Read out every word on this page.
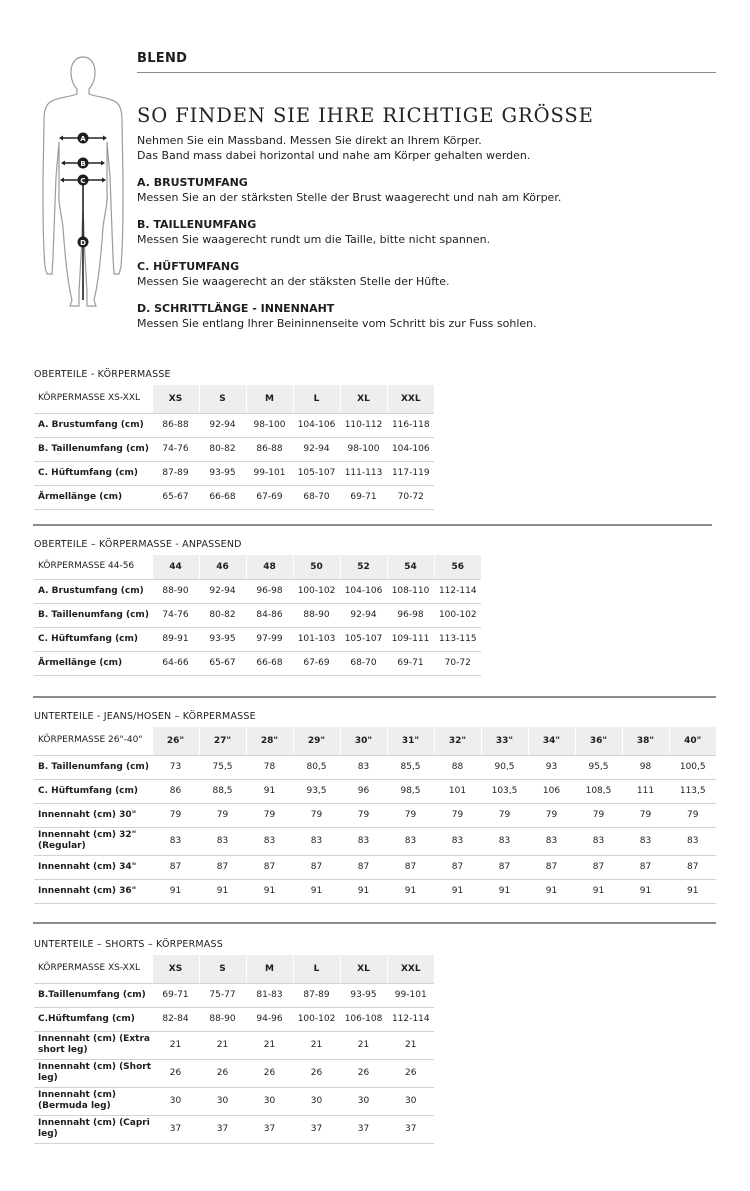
BLEND
A
B
C
D
SO FINDEN SIE IHRE RICHTIGE GRÖSSE
Nehmen Sie ein Massband. Messen Sie direkt an Ihrem Körper.
Das Band mass dabei horizontal und nahe am Körper gehalten werden.
A. BRUSTUMFANG
Messen Sie an der stärksten Stelle der Brust waagerecht und nah am Körper.
B. TAILLENUMFANG
Messen Sie waagerecht rundt um die Taille, bitte nicht spannen.
C. HÜFTUMFANG
Messen Sie waagerecht an der stäksten Stelle der Hüfte.
D. SCHRITTLÄNGE - INNENNAHT
Messen Sie entlang Ihrer Beininnenseite vom Schritt bis zur Fuss sohlen.
OBERTEILE - KÖRPERMASSE
KÖRPERMASSE XS-XXL	XS	S	M	L	XL	XXL
A. Brustumfang (cm)	86-88	92-94	98-100	104-106	110-112	116-118
B. Taillenumfang (cm)	74-76	80-82	86-88	92-94	98-100	104-106
C. Hüftumfang (cm)	87-89	93-95	99-101	105-107	111-113	117-119
Ärmellänge (cm)	65-67	66-68	67-69	68-70	69-71	70-72
OBERTEILE – KÖRPERMASSE - ANPASSEND
KÖRPERMASSE 44-56	44	46	48	50	52	54	56
A. Brustumfang (cm)	88-90	92-94	96-98	100-102	104-106	108-110	112-114
B. Taillenumfang (cm)	74-76	80-82	84-86	88-90	92-94	96-98	100-102
C. Hüftumfang (cm)	89-91	93-95	97-99	101-103	105-107	109-111	113-115
Ärmellänge (cm)	64-66	65-67	66-68	67-69	68-70	69-71	70-72
UNTERTEILE - JEANS/HOSEN – KÖRPERMASSE
KÖRPERMASSE 26"-40"	26"	27"	28"	29"	30"	31"	32"	33"	34"	36"	38"	40"
B. Taillenumfang (cm)	73	75,5	78	80,5	83	85,5	88	90,5	93	95,5	98	100,5
C. Hüftumfang (cm)	86	88,5	91	93,5	96	98,5	101	103,5	106	108,5	111	113,5
Innennaht (cm) 30"	79	79	79	79	79	79	79	79	79	79	79	79
Innennaht (cm) 32" (Regular)	83	83	83	83	83	83	83	83	83	83	83	83
Innennaht (cm) 34"	87	87	87	87	87	87	87	87	87	87	87	87
Innennaht (cm) 36"	91	91	91	91	91	91	91	91	91	91	91	91
UNTERTEILE – SHORTS – KÖRPERMASS
KÖRPERMASSE XS-XXL	XS	S	M	L	XL	XXL
B.Taillenumfang (cm)	69-71	75-77	81-83	87-89	93-95	99-101
C.Hüftumfang (cm)	82-84	88-90	94-96	100-102	106-108	112-114
Innennaht (cm) (Extra short leg)	21	21	21	21	21	21
Innennaht (cm) (Short leg)	26	26	26	26	26	26
Innennaht (cm) (Bermuda leg)	30	30	30	30	30	30
Innennaht (cm) (Capri leg)	37	37	37	37	37	37
